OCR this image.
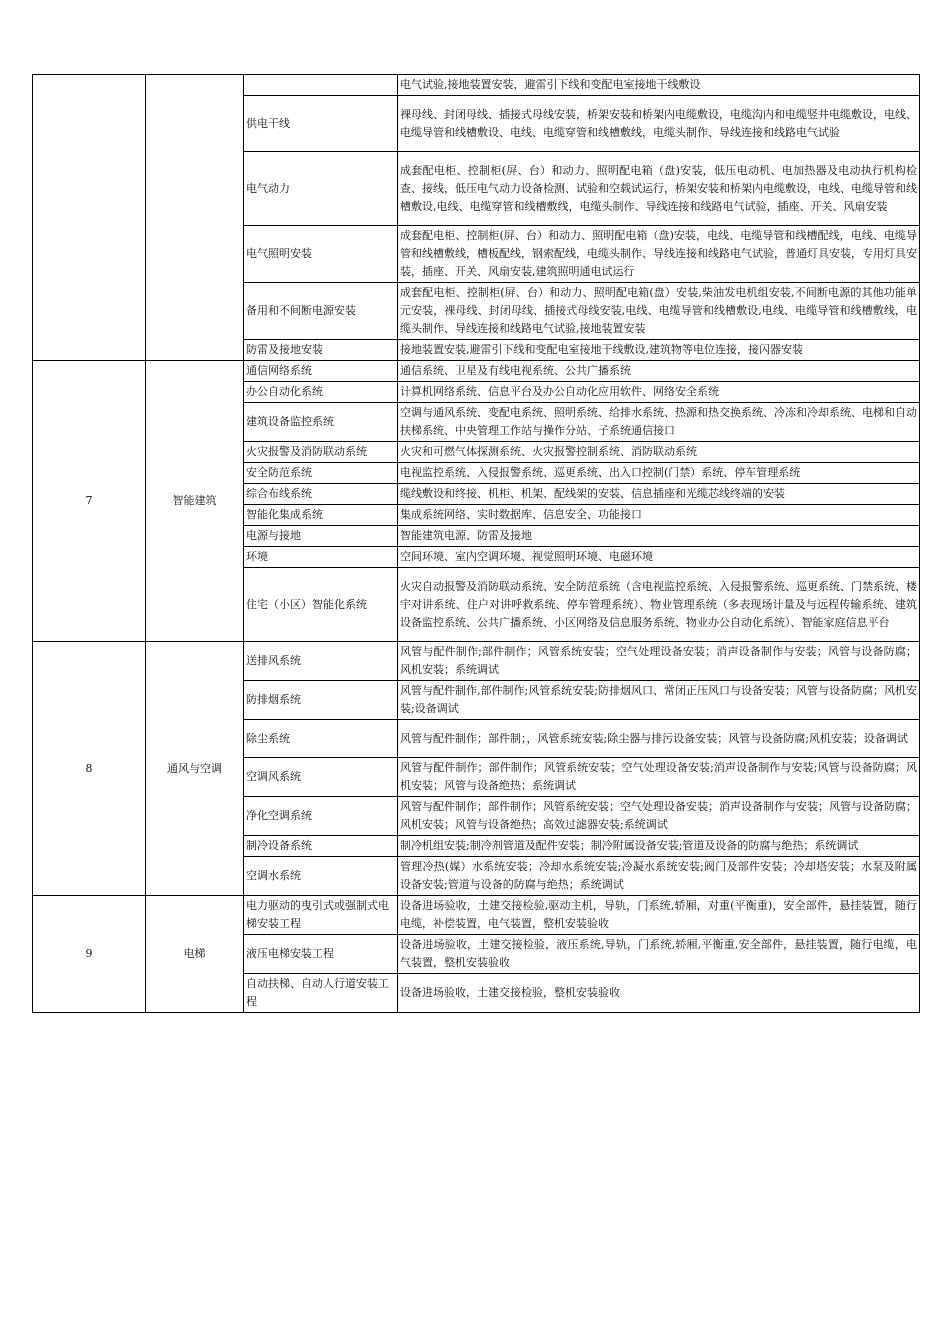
			电气试验,接地装置安装，避雷引下线和变配电室接地干线敷设
		供电干线	裸母线、封闭母线、插接式母线安装，桥架安装和桥架内电缆敷设，电缆沟内和电缆竖井电缆敷设，电线、电缆导管和线槽敷设、电线、电缆穿管和线槽敷线，电缆头制作、导线连接和线路电气试验
		电气动力	成套配电柜、控制柜(屏、台）和动力、照明配电箱（盘)安装，低压电动机、电加热器及电动执行机构检查、接线，低压电气动力设备检测、试验和空载试运行，桥架安装和桥架内电缆敷设，电线、电缆导管和线槽敷设,电线、电缆穿管和线槽敷线，电缆头制作、导线连接和线路电气试验，插座、开关、风扇安装
		电气照明安装	成套配电柜、控制柜(屏、台）和动力、照明配电箱（盘)安装，电线、电缆导管和线槽配线，电线、电缆导管和线槽敷线，槽板配线，钢索配线，电缆头制作、导线连接和线路电气试验，普通灯具安装，专用灯具安装，插座、开关、风扇安装,建筑照明通电试运行
		备用和不间断电源安装	成套配电柜、控制柜(屏、台）和动力、照明配电箱(盘）安装,柴油发电机组安装,不间断电源的其他功能单元安装，裸母线、封闭母线、插接式母线安装,电线、电缆导管和线槽敷设,电线、电缆导管和线槽敷线，电缆头制作、导线连接和线路电气试验,接地装置安装
		防雷及接地安装	接地装置安装,避雷引下线和变配电室接地干线敷设,建筑物等电位连接，接闪器安装
7	智能建筑	通信网络系统	通信系统、卫星及有线电视系统、公共广播系统
		办公自动化系统	计算机网络系统、信息平台及办公自动化应用软件、网络安全系统
		建筑设备监控系统	空调与通风系统、变配电系统、照明系统、给排水系统、热源和热交换系统、冷冻和冷却系统、电梯和自动扶梯系统、中央管理工作站与操作分站、子系统通信接口
		火灾报警及消防联动系统	火灾和可燃气体探测系统、火灾报警控制系统、消防联动系统
		安全防范系统	电视监控系统、入侵报警系统、巡更系统、出入口控制(门禁）系统、停车管理系统
		综合布线系统	缆线敷设和终接、机柜、机架、配线架的安装、信息插座和光缆芯线终端的安装
		智能化集成系统	集成系统网络、实时数据库、信息安全、功能接口
		电源与接地	智能建筑电源、防雷及接地
		环境	空间环境、室内空调环境、视觉照明环境、电磁环境
		住宅（小区）智能化系统	火灾自动报警及消防联动系统、安全防范系统（含电视监控系统、入侵报警系统、巡更系统、门禁系统、楼宇对讲系统、住户对讲呼救系统、停车管理系统）、物业管理系统（多表现场计量及与远程传输系统、建筑设备监控系统、公共广播系统、小区网络及信息服务系统、物业办公自动化系统）、智能家庭信息平台
8	通风与空调	送排风系统	风管与配件制作;部件制作；风管系统安装；空气处理设备安装；消声设备制作与安装；风管与设备防腐；风机安装；系统调试
		防排烟系统	风管与配件制作,部件制作;风管系统安装;防排烟风口、常闭正压风口与设备安装；风管与设备防腐；风机安装;设备调试
		除尘系统	风管与配件制作；部件制；，风管系统安装;除尘器与排污设备安装；风管与设备防腐;风机安装；设备调试
		空调风系统	风管与配件制作；部件制作；风管系统安装；空气处理设备安装;消声设备制作与安装;风管与设备防腐；风机安装；风管与设备绝热；系统调试
		净化空调系统	风管与配件制作；部件制作；风管系统安装；空气处理设备安装；消声设备制作与安装；风管与设备防腐；风机安装；风管与设备绝热；高效过滤器安装;系统调试
		制冷设备系统	制冷机组安装;制冷剂管道及配件安装；制冷附属设备安装;管道及设备的防腐与绝热；系统调试
		空调水系统	管理冷热(媒）水系统安装；冷却水系统安装;冷凝水系统安装;阀门及部件安装；冷却塔安装；水泵及附属设备安装;管道与设备的防腐与绝热；系统调试
9	电梯	电力驱动的曳引式或强制式电梯安装工程	设备进场验收，土建交接检验,驱动主机，导轨，门系统,轿厢，对重(平衡重)，安全部件，悬挂装置，随行电缆，补偿装置，电气装置，整机安装验收
		液压电梯安装工程	设备进场验收，土建交接检验，液压系统,导轨，门系统,轿厢,平衡重,安全部件，悬挂装置，随行电缆，电气装置，整机安装验收
		自动扶梯、自动人行道安装工程	设备进场验收，土建交接检验，整机安装验收
